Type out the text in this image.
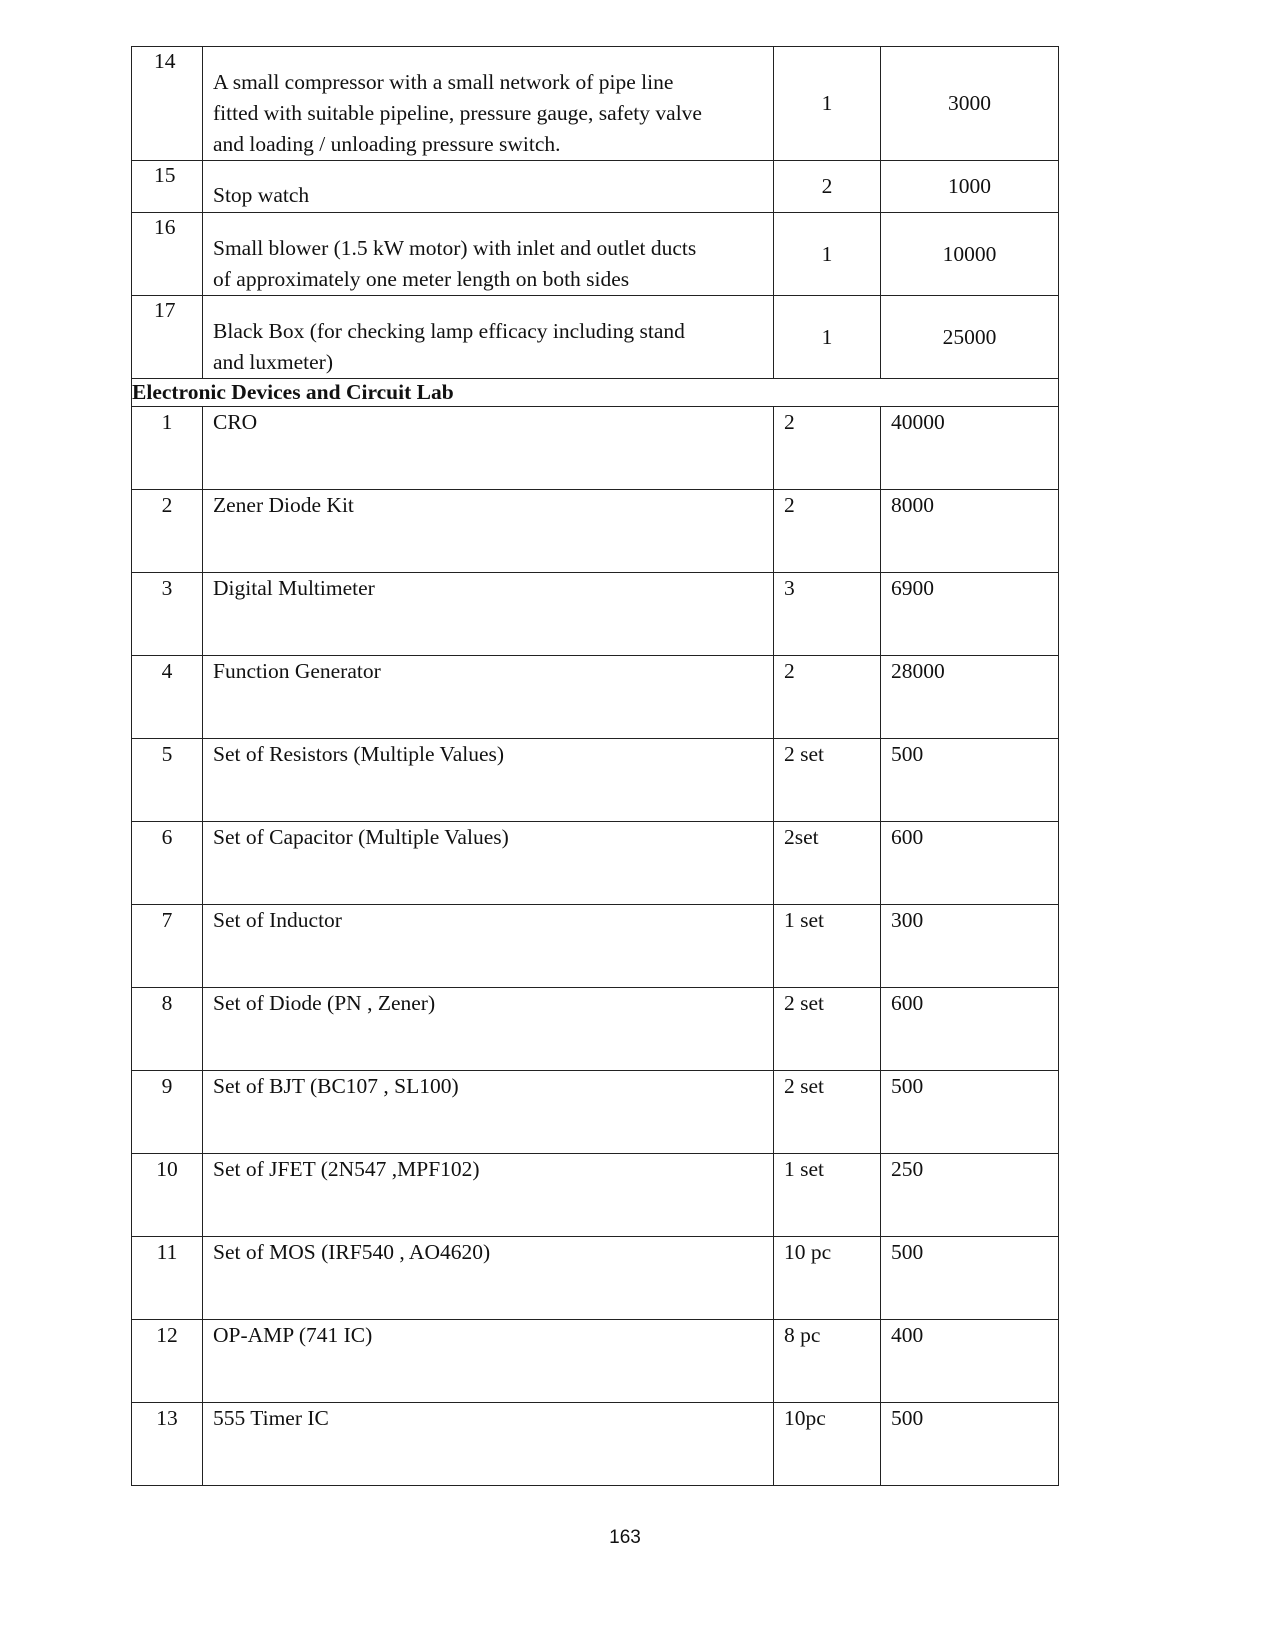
14	A small compressor with a small network of pipe line
fitted with suitable pipeline, pressure gauge, safety valve
and loading / unloading pressure switch.	1	3000
15	Stop watch	2	1000
16	Small blower (1.5 kW motor) with inlet and outlet ducts
of approximately one meter length on both sides	1	10000
17	Black Box (for checking lamp efficacy including stand
and luxmeter)	1	25000
Electronic Devices and Circuit Lab			
1	CRO	2	40000
2	Zener Diode Kit	2	8000
3	Digital Multimeter	3	6900
4	Function Generator	2	28000
5	Set of Resistors (Multiple Values)	2 set	500
6	Set of Capacitor (Multiple Values)	2set	600
7	Set of Inductor	1 set	300
8	Set of Diode (PN , Zener)	2 set	600
9	Set of BJT (BC107 , SL100)	2 set	500
10	Set of JFET (2N547 ,MPF102)	1 set	250
11	Set of MOS (IRF540 , AO4620)	10 pc	500
12	OP-AMP (741 IC)	8 pc	400
13	555 Timer IC	10pc	500
163
